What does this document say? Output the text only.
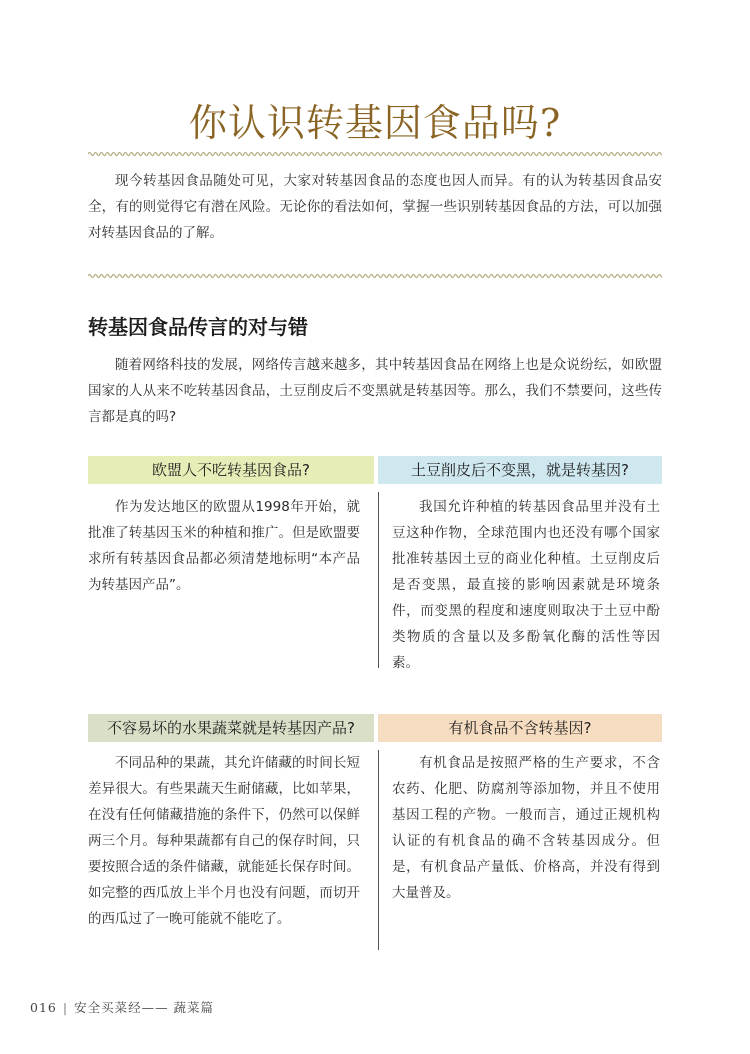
你认识转基因食品吗?
现今转基因食品随处可见，大家对转基因食品的态度也因人而异。有的认为转基因食品安全，有的则觉得它有潜在风险。无论你的看法如何，掌握一些识别转基因食品的方法，可以加强对转基因食品的了解。
转基因食品传言的对与错
随着网络科技的发展，网络传言越来越多，其中转基因食品在网络上也是众说纷纭，如欧盟国家的人从来不吃转基因食品，土豆削皮后不变黑就是转基因等。那么，我们不禁要问，这些传言都是真的吗?
欧盟人不吃转基因食品?	土豆削皮后不变黑，就是转基因?
作为发达地区的欧盟从1998年开始，就批准了转基因玉米的种植和推广。但是欧盟要求所有转基因食品都必须清楚地标明“本产品为转基因产品”。
我国允许种植的转基因食品里并没有土豆这种作物，全球范围内也还没有哪个国家批准转基因土豆的商业化种植。土豆削皮后是否变黑，最直接的影响因素就是环境条件，而变黑的程度和速度则取决于土豆中酚类物质的含量以及多酚氧化酶的活性等因素。
不容易坏的水果蔬菜就是转基因产品?	有机食品不含转基因?
不同品种的果蔬，其允许储藏的时间长短差异很大。有些果蔬天生耐储藏，比如苹果，在没有任何储藏措施的条件下，仍然可以保鲜两三个月。每种果蔬都有自己的保存时间，只要按照合适的条件储藏，就能延长保存时间。如完整的西瓜放上半个月也没有问题，而切开的西瓜过了一晚可能就不能吃了。
有机食品是按照严格的生产要求，不含农药、化肥、防腐剂等添加物，并且不使用基因工程的产物。一般而言，通过正规机构认证的有机食品的确不含转基因成分。但是，有机食品产量低、价格高，并没有得到大量普及。
016 | 安全买菜经—— 蔬菜篇
